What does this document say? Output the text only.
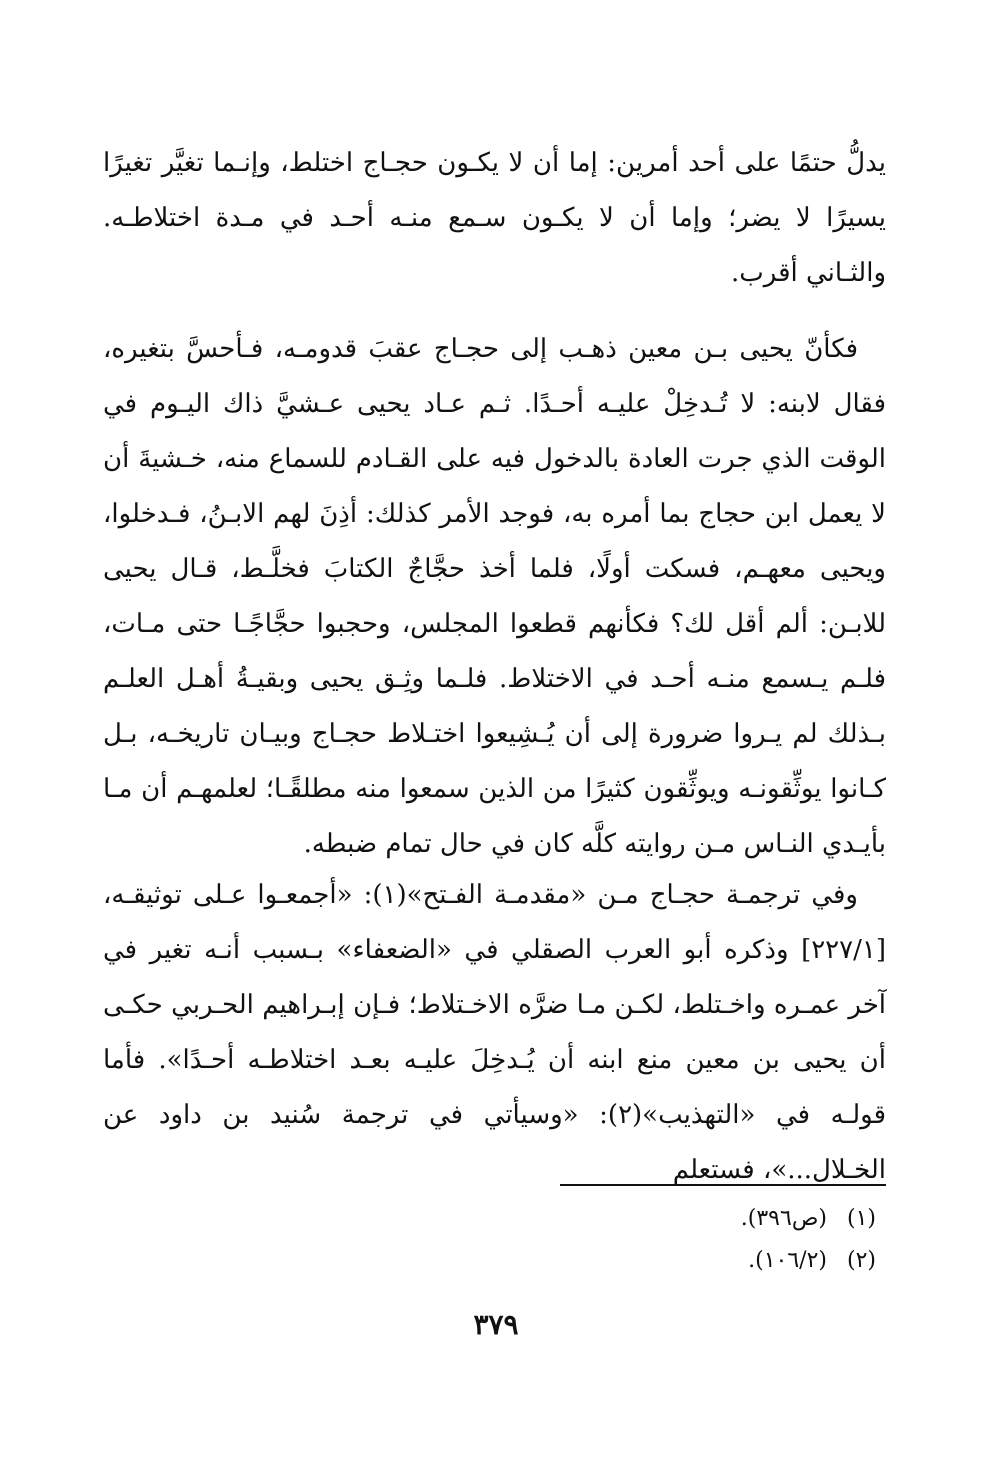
يدلُّ حتمًا على أحد أمرين: إما أن لا يكـون حجـاج اختلط، وإنـما تغيَّر تغيرًا يسيرًا لا يضر؛ وإما أن لا يكـون سـمع منـه أحـد في مـدة اختلاطـه. والثـاني أقرب.

فكأنّ يحيى بـن معين ذهـب إلى حجـاج عقبَ قدومـه، فـأحسَّ بتغيره، فقال لابنه: لا تُـدخِلْ عليـه أحـدًا. ثـم عـاد يحيى عـشيَّ ذاك اليـوم في الوقت الذي جرت العادة بالدخول فيه على القـادم للسماع منه، خـشيةَ أن لا يعمل ابن حجاج بما أمره به، فوجد الأمر كذلك: أذِنَ لهم الابـنُ، فـدخلوا، ويحيى معهـم، فسكت أولًا، فلما أخذ حجَّاجٌ الكتابَ فخلَّـط، قـال يحيى للابـن: ألم أقل لك؟ فكأنهم قطعوا المجلس، وحجبوا حجَّاجًـا حتى مـات، فلـم يـسمع منـه أحـد في الاختلاط. فلـما وثِـق يحيى وبقيـةُ أهـل العلـم بـذلك لم يـروا ضرورة إلى أن يُـشِيعوا اختـلاط حجـاج وبيـان تاريخـه، بـل كـانوا يوثِّقونـه ويوثِّقون كثيرًا من الذين سمعوا منه مطلقًـا؛ لعلمهـم أن مـا بأيـدي النـاس مـن روايته كلَّه كان في حال تمام ضبطه.

وفي ترجمـة حجـاج مـن «مقدمـة الفـتح»(١): «أجمعـوا عـلى توثيقـه، [٢٢٧/١] وذكره أبو العرب الصقلي في «الضعفاء» بـسبب أنـه تغير في آخر عمـره واخـتلط، لكـن مـا ضرَّه الاخـتلاط؛ فـإن إبـراهيم الحـربي حكـى أن يحيى بن معين منع ابنه أن يُـدخِلَ عليـه بعـد اختلاطـه أحـدًا». فأما قولـه في «التهذيب»(٢): «وسيأتي في ترجمة سُنيد بن داود عن الخـلال...»، فستعلم

(١) (ص٣٩٦).
(٢) (١٠٦/٢).
٣٧٩
